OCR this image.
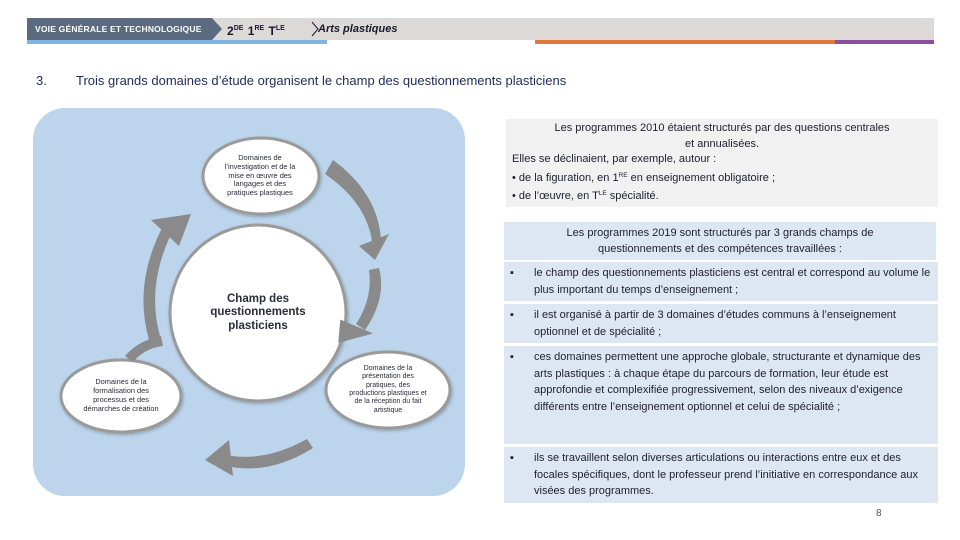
VOIE GÉNÉRALE ET TECHNOLOGIQUE	2DE 1RE $T^{LE}$	Arts plastiques
3. Trois grands domaines d’étude organisent le champ des questionnements plasticiens
Domaines de
l’investigation et de la
mise en œuvre des
langages et des
pratiques plastiques
Champ des
questionnements
plasticiens
Domaines de la
formalisation des
processus et des
démarches de création
Domaines de la
présentation des
pratiques, des
productions plastiques et
de la réception du fait
artistique
Les programmes 2010 étaient structurés par des questions centrales
et annualisées.
Elles se déclinaient, par exemple, autour :
• de la figuration, en 1RE en enseignement obligatoire ;
• de l’œuvre, en $T^{LE}$ spécialité.
Les programmes 2019 sont structurés par 3 grands champs de
questionnements et des compétences travaillées :
▪ le champ des questionnements plasticiens est central et correspond au volume le plus important du temps d’enseignement ;
▪ il est organisé à partir de 3 domaines d’études communs à l’enseignement optionnel et de spécialité ;
▪ ces domaines permettent une approche globale, structurante et dynamique des arts plastiques : à chaque étape du parcours de formation, leur étude est approfondie et complexifiée progressivement, selon des niveaux d’exigence différents entre l’enseignement optionnel et celui de spécialité ;
▪ ils se travaillent selon diverses articulations ou interactions entre eux et des focales spécifiques, dont le professeur prend l’initiative en correspondance aux visées des programmes.
8
